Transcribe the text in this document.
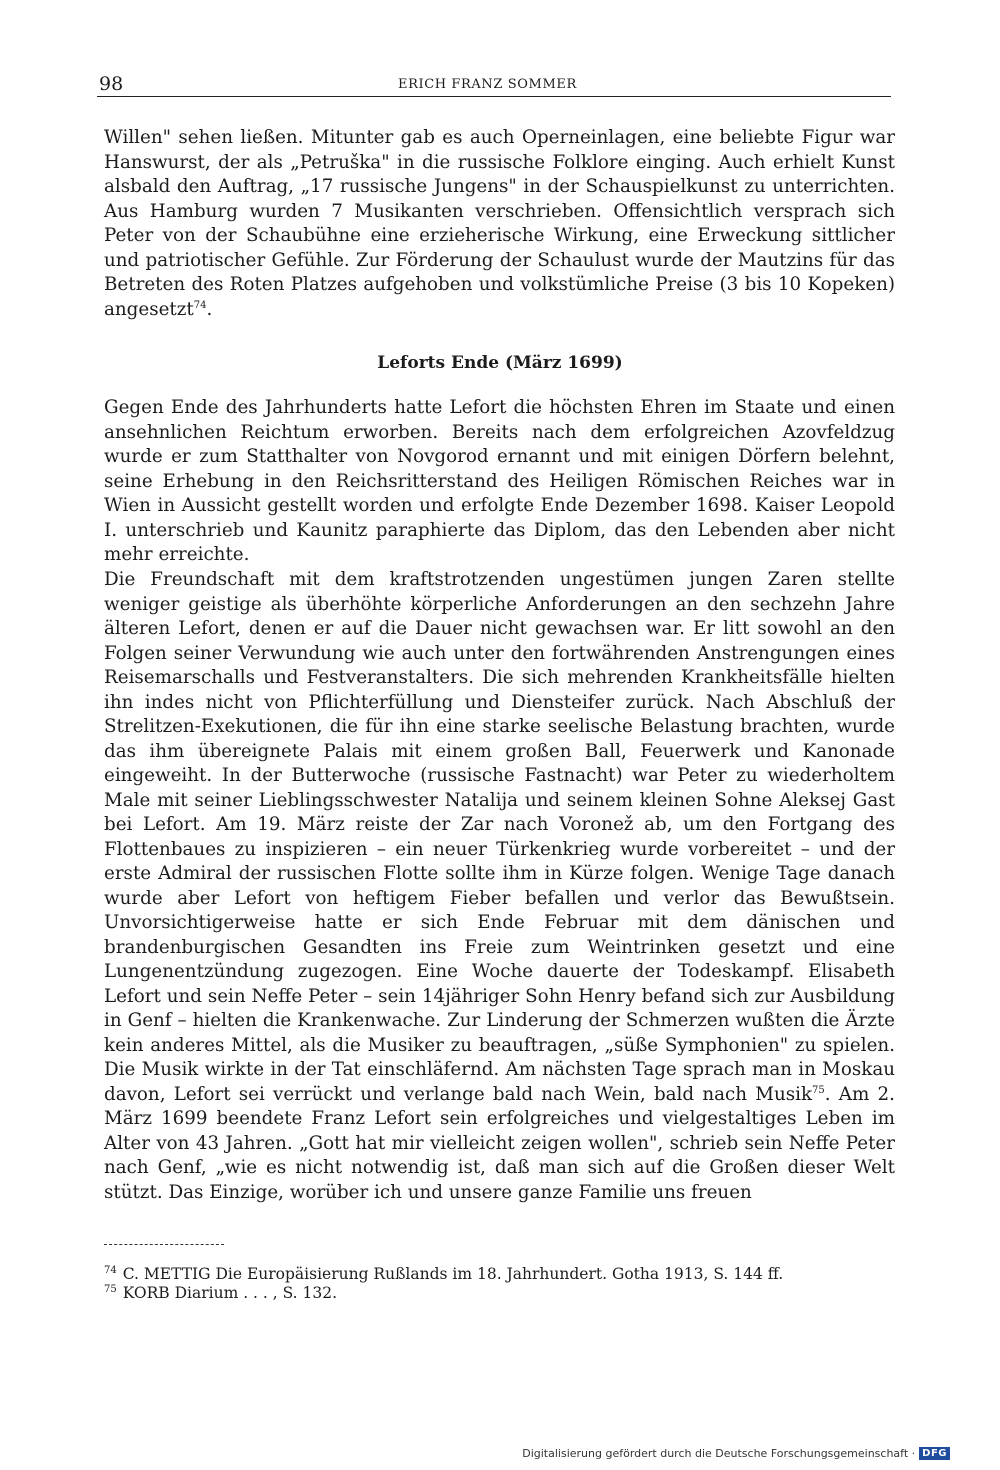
98	ERICH FRANZ SOMMER

Willen" sehen ließen. Mitunter gab es auch Operneinlagen, eine beliebte Figur war Hanswurst, der als „Petruška" in die russische Folklore einging. Auch erhielt Kunst alsbald den Auftrag, „17 russische Jungens" in der Schauspielkunst zu unterrichten. Aus Hamburg wurden 7 Musikanten verschrieben. Offensichtlich versprach sich Peter von der Schaubühne eine erzieherische Wirkung, eine Erweckung sittlicher und patriotischer Gefühle. Zur Förderung der Schaulust wurde der Mautzins für das Betreten des Roten Platzes aufgehoben und volkstümliche Preise (3 bis 10 Kopeken) angesetzt$^{74}$.

Leforts Ende (März 1699)

Gegen Ende des Jahrhunderts hatte Lefort die höchsten Ehren im Staate und einen ansehnlichen Reichtum erworben. Bereits nach dem erfolgreichen Azovfeldzug wurde er zum Statthalter von Novgorod ernannt und mit einigen Dörfern belehnt, seine Erhebung in den Reichsritterstand des Heiligen Römischen Reiches war in Wien in Aussicht gestellt worden und erfolgte Ende Dezember 1698. Kaiser Leopold I. unterschrieb und Kaunitz paraphierte das Diplom, das den Lebenden aber nicht mehr erreichte.

Die Freundschaft mit dem kraftstrotzenden ungestümen jungen Zaren stellte weniger geistige als überhöhte körperliche Anforderungen an den sechzehn Jahre älteren Lefort, denen er auf die Dauer nicht gewachsen war. Er litt sowohl an den Folgen seiner Verwundung wie auch unter den fortwährenden Anstrengungen eines Reisemarschalls und Festveranstalters. Die sich mehrenden Krankheitsfälle hielten ihn indes nicht von Pflichterfüllung und Diensteifer zurück. Nach Abschluß der Strelitzen-Exekutionen, die für ihn eine starke seelische Belastung brachten, wurde das ihm übereignete Palais mit einem großen Ball, Feuerwerk und Kanonade eingeweiht. In der Butterwoche (russische Fastnacht) war Peter zu wiederholtem Male mit seiner Lieblingsschwester Natalija und seinem kleinen Sohne Aleksej Gast bei Lefort. Am 19. März reiste der Zar nach Voronež ab, um den Fortgang des Flottenbaues zu inspizieren – ein neuer Türkenkrieg wurde vorbereitet – und der erste Admiral der russischen Flotte sollte ihm in Kürze folgen. Wenige Tage danach wurde aber Lefort von heftigem Fieber befallen und verlor das Bewußtsein. Unvorsichtigerweise hatte er sich Ende Februar mit dem dänischen und brandenburgischen Gesandten ins Freie zum Weintrinken gesetzt und eine Lungenentzündung zugezogen. Eine Woche dauerte der Todeskampf. Elisabeth Lefort und sein Neffe Peter – sein 14jähriger Sohn Henry befand sich zur Ausbildung in Genf – hielten die Krankenwache. Zur Linderung der Schmerzen wußten die Ärzte kein anderes Mittel, als die Musiker zu beauftragen, „süße Symphonien" zu spielen. Die Musik wirkte in der Tat einschläfernd. Am nächsten Tage sprach man in Moskau davon, Lefort sei verrückt und verlange bald nach Wein, bald nach Musik$^{75}$. Am 2. März 1699 beendete Franz Lefort sein erfolgreiches und vielgestaltiges Leben im Alter von 43 Jahren. „Gott hat mir vielleicht zeigen wollen", schrieb sein Neffe Peter nach Genf, „wie es nicht notwendig ist, daß man sich auf die Großen dieser Welt stützt. Das Einzige, worüber ich und unsere ganze Familie uns freuen

$^{74}$ C. METTIG Die Europäisierung Rußlands im 18. Jahrhundert. Gotha 1913, S. 144 ff.
$^{75}$ KORB Diarium . . . , S. 132.
Digitalisierung gefördert durch die Deutsche Forschungsgemeinschaft · DFG
